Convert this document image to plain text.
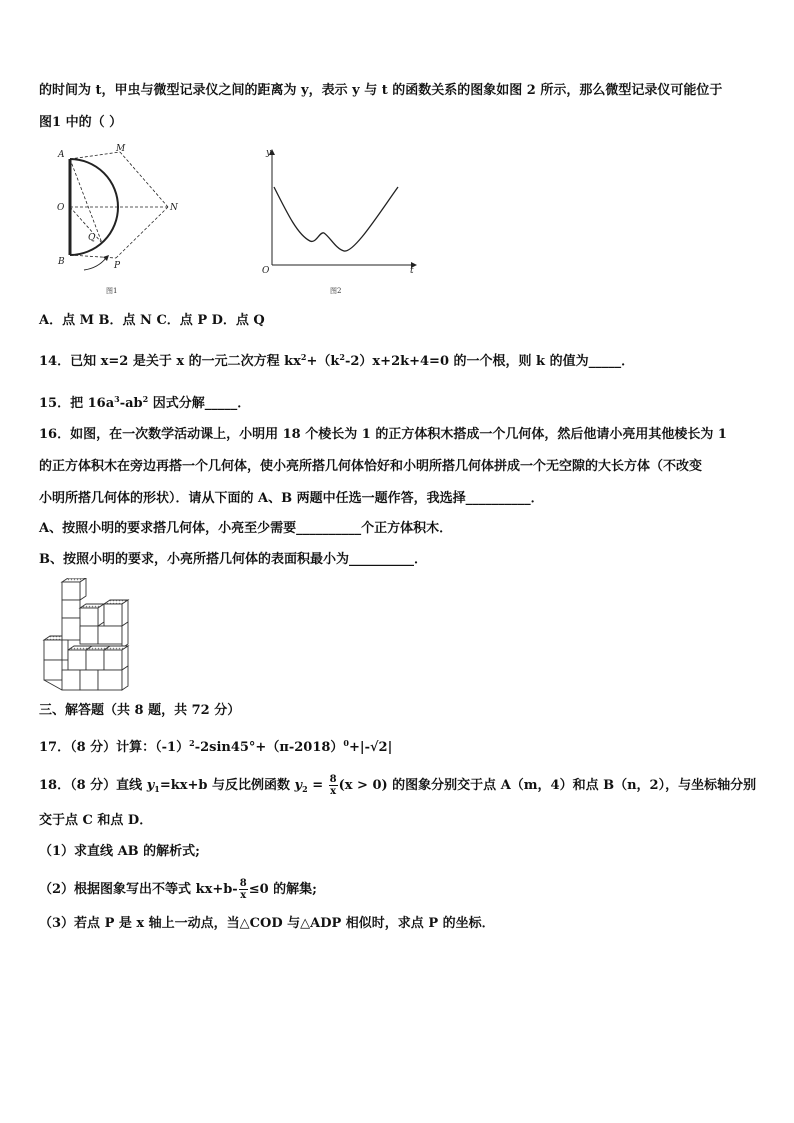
的时间为 t，甲虫与微型记录仪之间的距离为 y，表示 y 与 t 的函数关系的图象如图 2 所示，那么微型记录仪可能位于
图1 中的（ ）
A
M
O	N
Q
B	P
图1
y
O	t
图2
A．点 M B．点 N C．点 P D．点 Q
14．已知 x=2 是关于 x 的一元二次方程 $kx^2+(k^2-2)x+2k+4=0$ 的一个根，则 k 的值为_____．
15．把 $16a^3-ab^2$ 因式分解_____．
16．如图，在一次数学活动课上，小明用 18 个棱长为 1 的正方体积木搭成一个几何体，然后他请小亮用其他棱长为 1
的正方体积木在旁边再搭一个几何体，使小亮所搭几何体恰好和小明所搭几何体拼成一个无空隙的大长方体（不改变
小明所搭几何体的形状）．请从下面的 A、B 两题中任选一题作答，我选择__________．
A、按照小明的要求搭几何体，小亮至少需要__________个正方体积木．
B、按照小明的要求，小亮所搭几何体的表面积最小为__________．
三、解答题（共 8 题，共 72 分）
17．（8 分）计算：$(-1)^2-2\sin 45^\circ+(\pi-2018)^0+|-√2|$
18．（8 分）直线 $y_1=kx+b$ 与反比例函数 $y_2 = \frac{8}{x} (x > 0)$ 的图象分别交于点 A（m，4）和点 B（n，2），与坐标轴分别
交于点 C 和点 D．
（1）求直线 AB 的解析式;
（2）根据图象写出不等式 $kx+b- \frac{8}{x} \le 0$ 的解集;
（3）若点 P 是 x 轴上一动点，当△COD 与△ADP 相似时，求点 P 的坐标．
